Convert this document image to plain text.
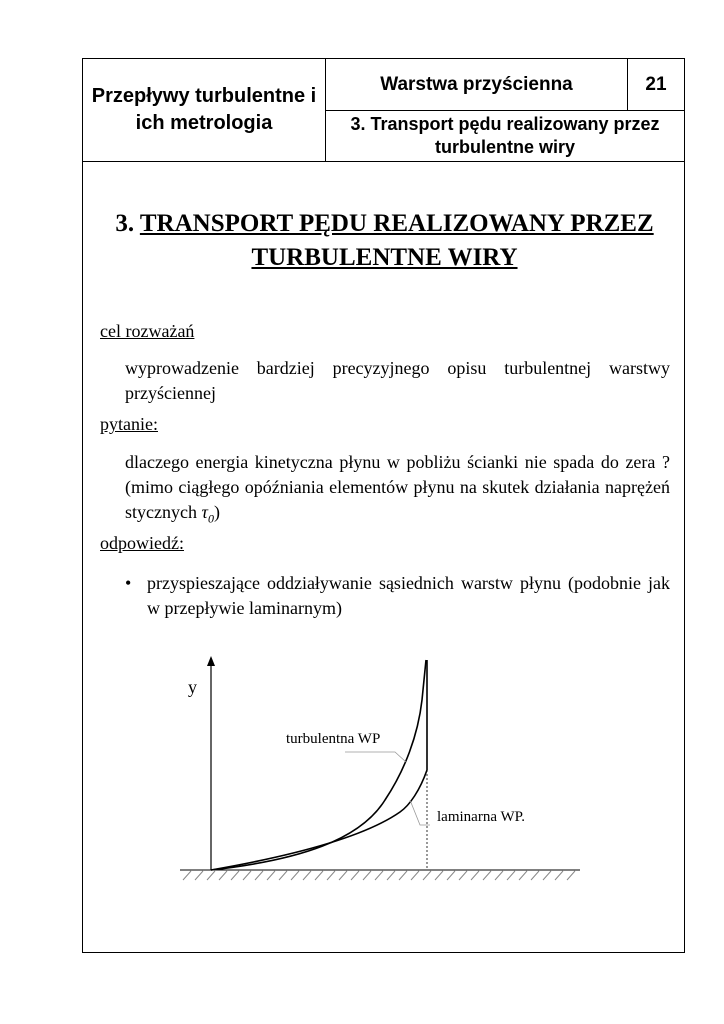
Przepływy turbulentne i ich metrologia
Warstwa przyścienna	21
3. Transport pędu realizowany przez turbulentne wiry
3. TRANSPORT PĘDU REALIZOWANY PRZEZ TURBULENTNE WIRY
cel rozważań
wyprowadzenie bardziej precyzyjnego opisu turbulentnej warstwy przyściennej
pytanie:
dlaczego energia kinetyczna płynu w pobliżu ścianki nie spada do zera ? (mimo ciągłego opóźniania elementów płynu na skutek działania naprężeń stycznych $\tau_0$)
odpowiedź:
• przyspieszające oddziaływanie sąsiednich warstw płynu (podobnie jak w przepływie laminarnym)
y
turbulentna WP
laminarna WP.
